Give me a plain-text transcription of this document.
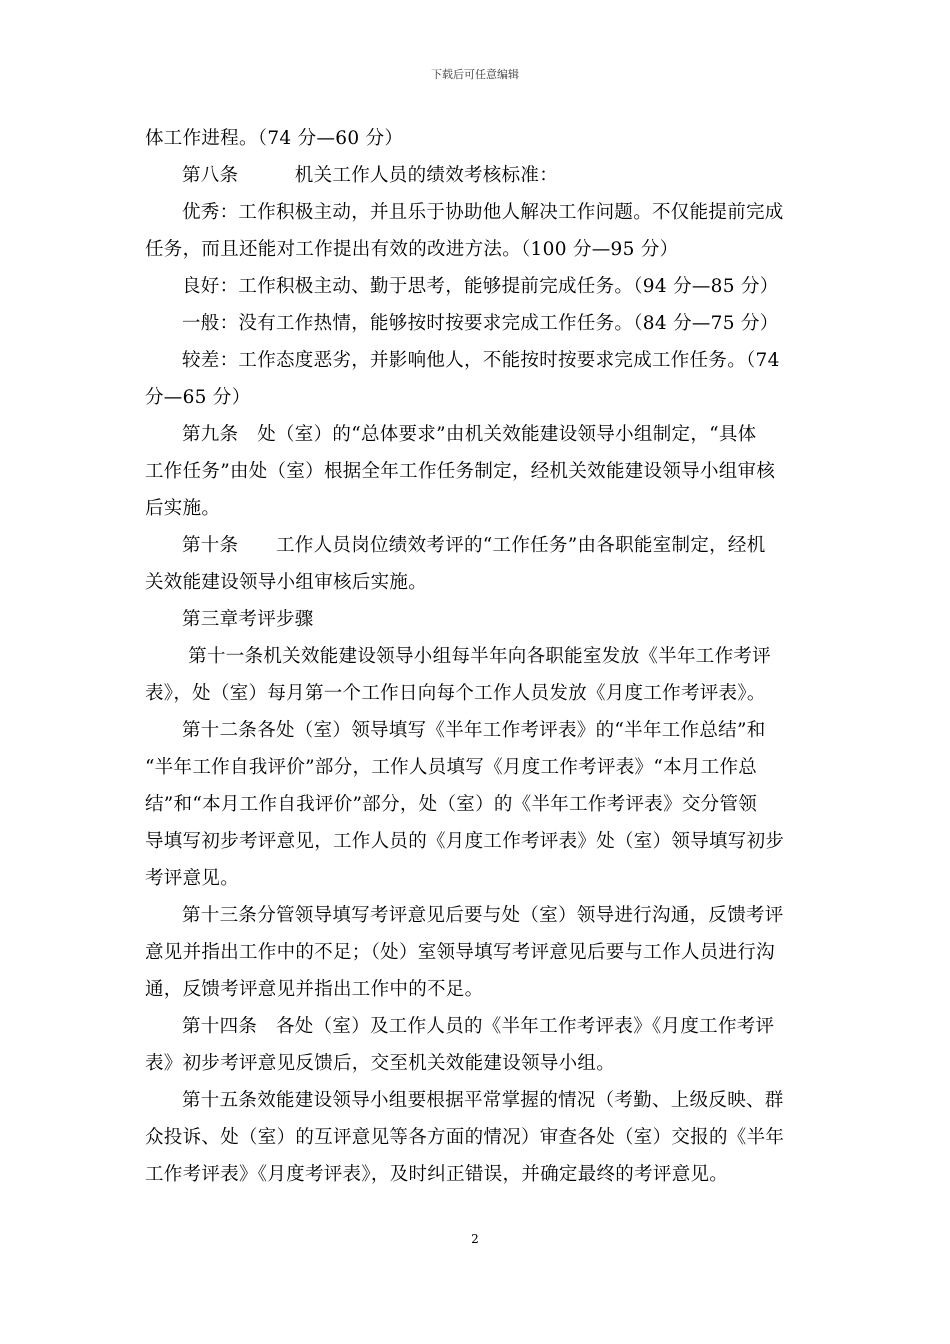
下载后可任意编辑
体工作进程。（74 分—60 分）
第八条　　　机关工作人员的绩效考核标准：
优秀：工作积极主动，并且乐于协助他人解决工作问题。不仅能提前完成
任务，而且还能对工作提出有效的改进方法。（100 分—95 分）
良好：工作积极主动、勤于思考，能够提前完成任务。（94 分—85 分）
一般：没有工作热情，能够按时按要求完成工作任务。（84 分—75 分）
较差：工作态度恶劣，并影响他人，不能按时按要求完成工作任务。（74
分—65 分）
第九条　处（室）的“总体要求”由机关效能建设领导小组制定，“具体
工作任务”由处（室）根据全年工作任务制定，经机关效能建设领导小组审核
后实施。
第十条　　工作人员岗位绩效考评的“工作任务”由各职能室制定，经机
关效能建设领导小组审核后实施。
第三章考评步骤
第十一条机关效能建设领导小组每半年向各职能室发放《半年工作考评
表》，处（室）每月第一个工作日向每个工作人员发放《月度工作考评表》。
第十二条各处（室）领导填写《半年工作考评表》的“半年工作总结”和
“半年工作自我评价”部分，工作人员填写《月度工作考评表》“本月工作总
结”和“本月工作自我评价”部分，处（室）的《半年工作考评表》交分管领
导填写初步考评意见，工作人员的《月度工作考评表》处（室）领导填写初步
考评意见。
第十三条分管领导填写考评意见后要与处（室）领导进行沟通，反馈考评
意见并指出工作中的不足；（处）室领导填写考评意见后要与工作人员进行沟
通，反馈考评意见并指出工作中的不足。
第十四条　各处（室）及工作人员的《半年工作考评表》《月度工作考评
表》初步考评意见反馈后，交至机关效能建设领导小组。
第十五条效能建设领导小组要根据平常掌握的情况（考勤、上级反映、群
众投诉、处（室）的互评意见等各方面的情况）审查各处（室）交报的《半年
工作考评表》《月度考评表》，及时纠正错误，并确定最终的考评意见。
2
